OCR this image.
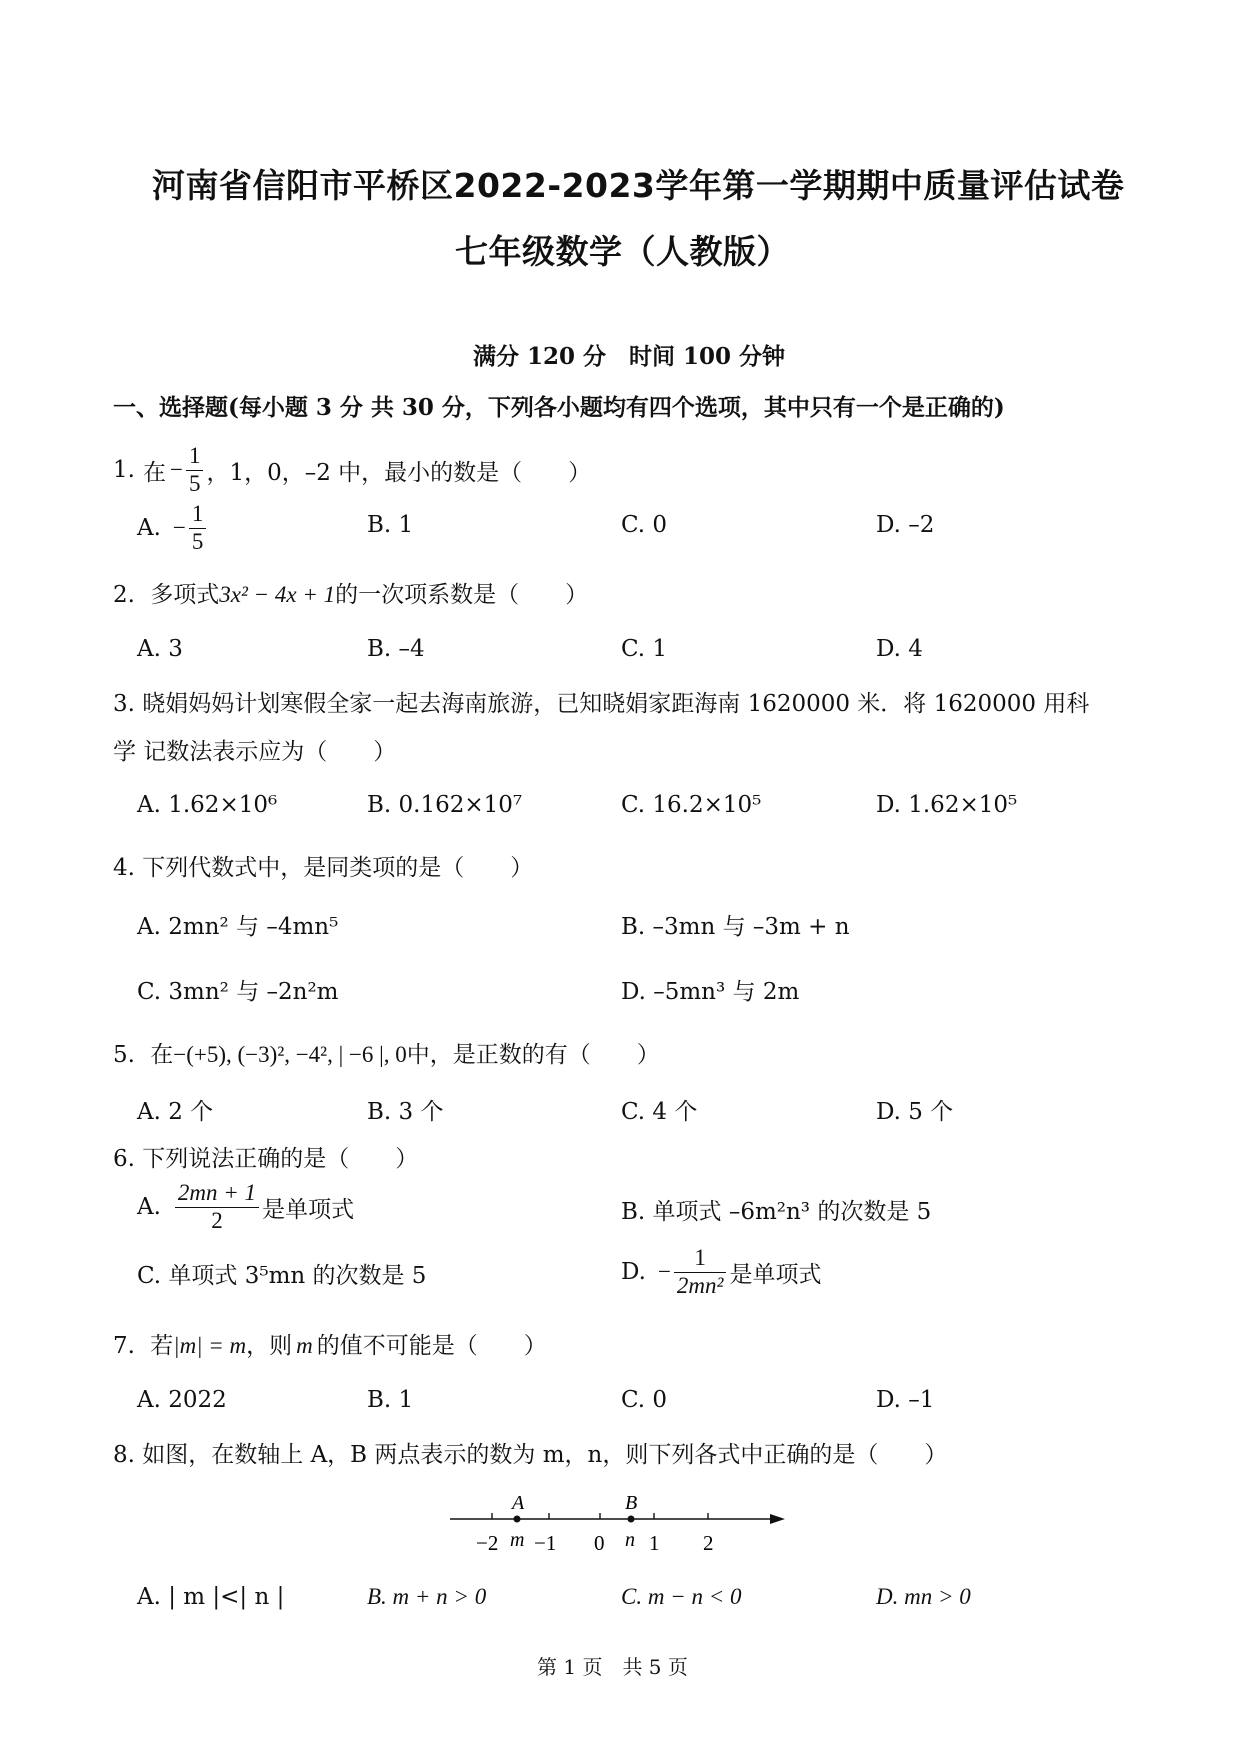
河南省信阳市平桥区2022-2023学年第一学期期中质量评估试卷
七年级数学（人教版）
满分 120 分　时间 100 分钟
一、选择题(每小题 3 分 共 30 分，下列各小题均有四个选项，其中只有一个是正确的)
1. 在 − $\frac{1}{5}$ ，1，0，–2 中，最小的数是（　　）
A. − $\frac{1}{5}$	B. 1	C. 0	D. –2
2. 多项式3x² − 4x + 1的一次项系数是（　　）
A. 3	B. –4	C. 1	D. 4
3. 晓娟妈妈计划寒假全家一起去海南旅游，已知晓娟家距海南 1620000 米．将 1620000 用科
学 记数法表示应为（　　）
A. 1.62×10⁶	B. 0.162×10⁷	C. 16.2×10⁵	D. 1.62×10⁵
4. 下列代数式中，是同类项的是（　　）
A. 2mn² 与 –4mn⁵	B. –3mn 与 –3m + n
C. 3mn² 与 –2n²m	D. –5mn³ 与 2m
5. 在−(+5), (−3)², −4², | −6 |, 0中，是正数的有（　　）
A. 2 个	B. 3 个	C. 4 个	D. 5 个
6. 下列说法正确的是（　　）
A. $\frac{2mn + 1}{2}$ 是单项式	B. 单项式 –6m²n³ 的次数是 5
C. 单项式 3⁵mn 的次数是 5	D. − $\frac{1}{\text{2mn²}}$ 是单项式
7. 若|m| = m，则 m 的值不可能是（　　）
A. 2022	B. 1	C. 0	D. –1
8. 如图，在数轴上 A，B 两点表示的数为 m，n，则下列各式中正确的是（　　）
A	B
m	n
−2 −1 0 1 2
A. | m |<| n |	B. m + n > 0	C. m − n < 0	D. mn > 0
第 1 页　共 5 页
